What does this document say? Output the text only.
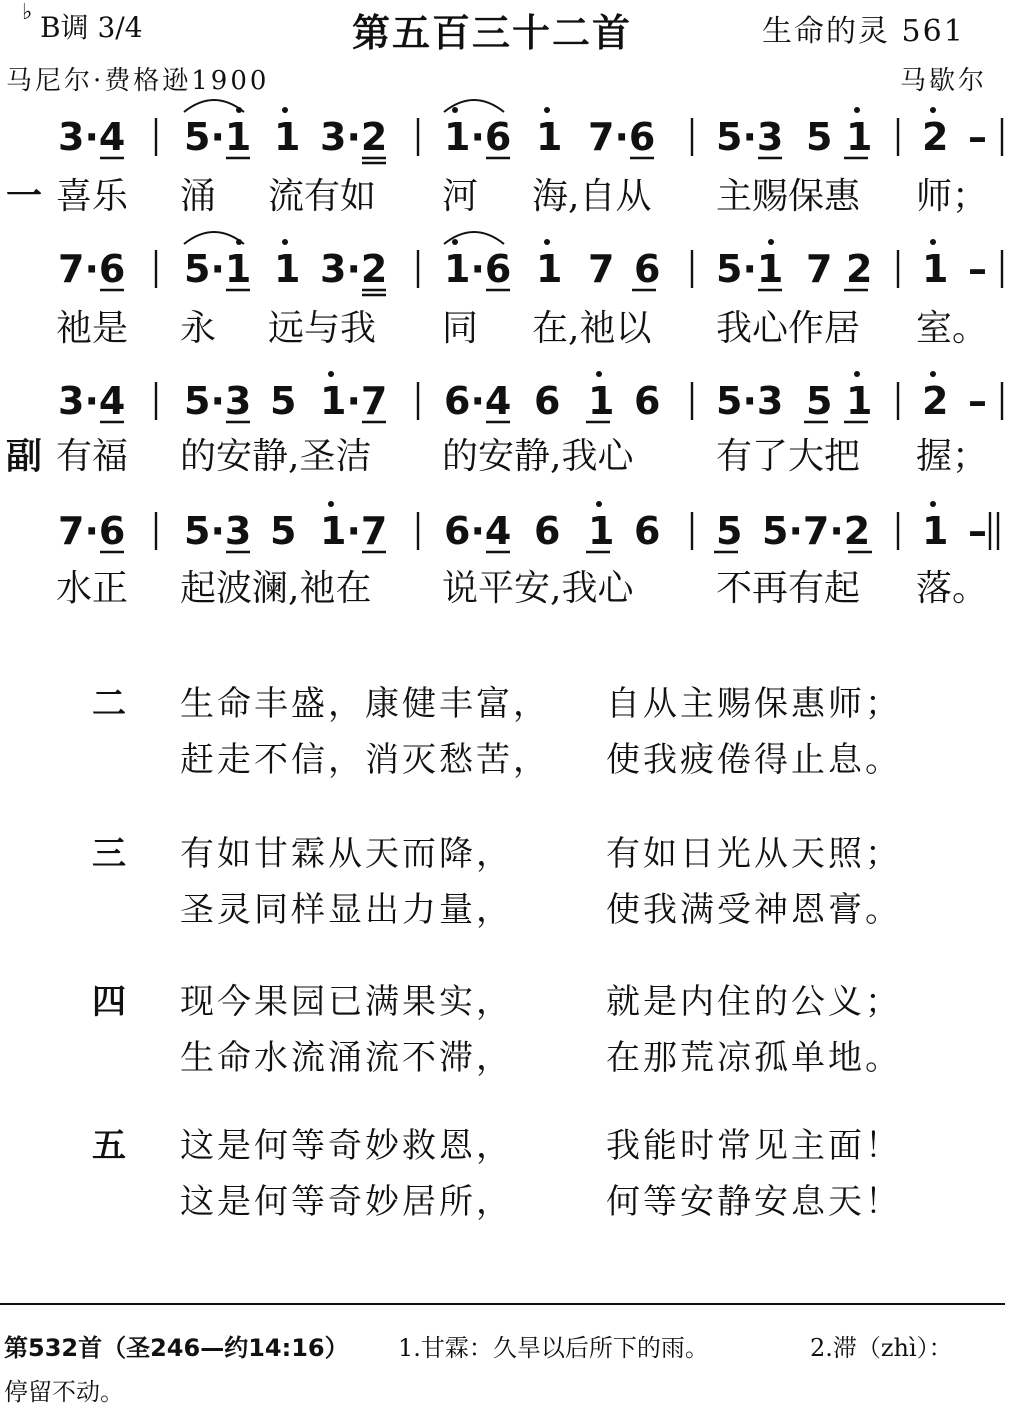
♭ B调 3/4	第五百三十二首	生命的灵 561
马尼尔·费格逊1900	马歇尔
3·4 5·1 1 3·2 1·6 1 7·6 5·3 5 1 2 –
7·6 5·1 1 3·2 1·6 1 7 6 5·1 7 2 1 –
3·4 5·3 5 1·7 6·4 6 1 6 5·3 5 1 2 –
7·6 5·3 5 1·7 6·4 6 1 6 5 5·7·2 1 –
一
副
喜乐 涌 流有如 河 海,自从 主赐保惠 师；
祂是 永 远与我 同 在,祂以 我心作居 室。
有福 的安静,圣洁 的安静,我心 有了大把 握；
水正 起波澜,祂在 说平安,我心 不再有起 落。
二 生命丰盛，康健丰富， 自从主赐保惠师；
赶走不信，消灭愁苦， 使我疲倦得止息。
三 有如甘霖从天而降，	有如日光从天照；
圣灵同样显出力量，	使我满受神恩膏。
四 现今果园已满果实，	就是内住的公义；
生命水流涌流不滞，	在那荒凉孤单地。
五 这是何等奇妙救恩，	我能时常见主面！
这是何等奇妙居所，	何等安静安息天！
第532首（圣246—约14:16） 1.甘霖：久旱以后所下的雨。	2.滞（zhì）：
停留不动。
